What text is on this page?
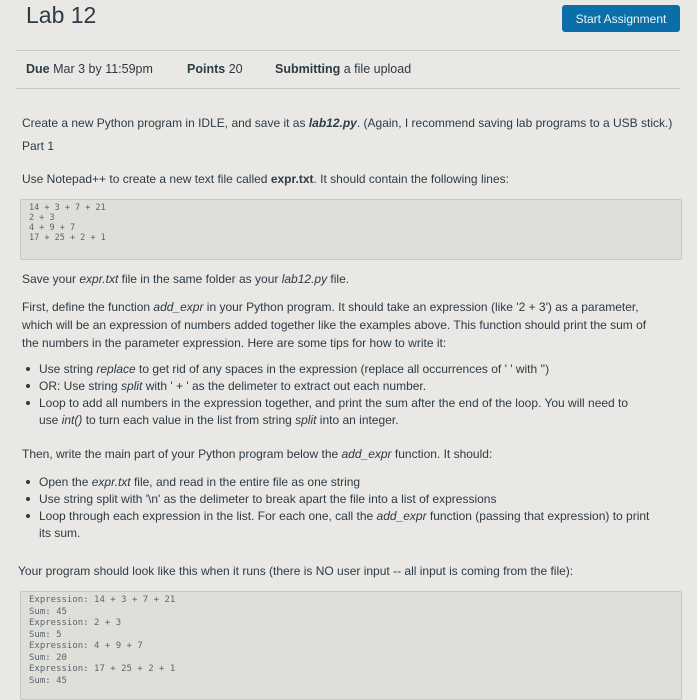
Lab 12	Start Assignment
Due Mar 3 by 11:59pm	Points 20	Submitting a file upload
Create a new Python program in IDLE, and save it as lab12.py. (Again, I recommend saving lab programs to a USB stick.)
Part 1
Use Notepad++ to create a new text file called expr.txt. It should contain the following lines:
14 + 3 + 7 + 21
2 + 3
4 + 9 + 7
17 + 25 + 2 + 1
Save your expr.txt file in the same folder as your lab12.py file.
First, define the function add_expr in your Python program. It should take an expression (like '2 + 3') as a parameter,
which will be an expression of numbers added together like the examples above. This function should print the sum of
the numbers in the parameter expression. Here are some tips for how to write it:
Use string replace to get rid of any spaces in the expression (replace all occurrences of ' ' with '')
OR: Use string split with ' + ' as the delimeter to extract out each number.
Loop to add all numbers in the expression together, and print the sum after the end of the loop. You will need to
use int() to turn each value in the list from string split into an integer.
Then, write the main part of your Python program below the add_expr function. It should:
Open the expr.txt file, and read in the entire file as one string
Use string split with '\n' as the delimeter to break apart the file into a list of expressions
Loop through each expression in the list. For each one, call the add_expr function (passing that expression) to print
its sum.
Your program should look like this when it runs (there is NO user input -- all input is coming from the file):
Expression: 14 + 3 + 7 + 21
Sum: 45
Expression: 2 + 3
Sum: 5
Expression: 4 + 9 + 7
Sum: 20
Expression: 17 + 25 + 2 + 1
Sum: 45
